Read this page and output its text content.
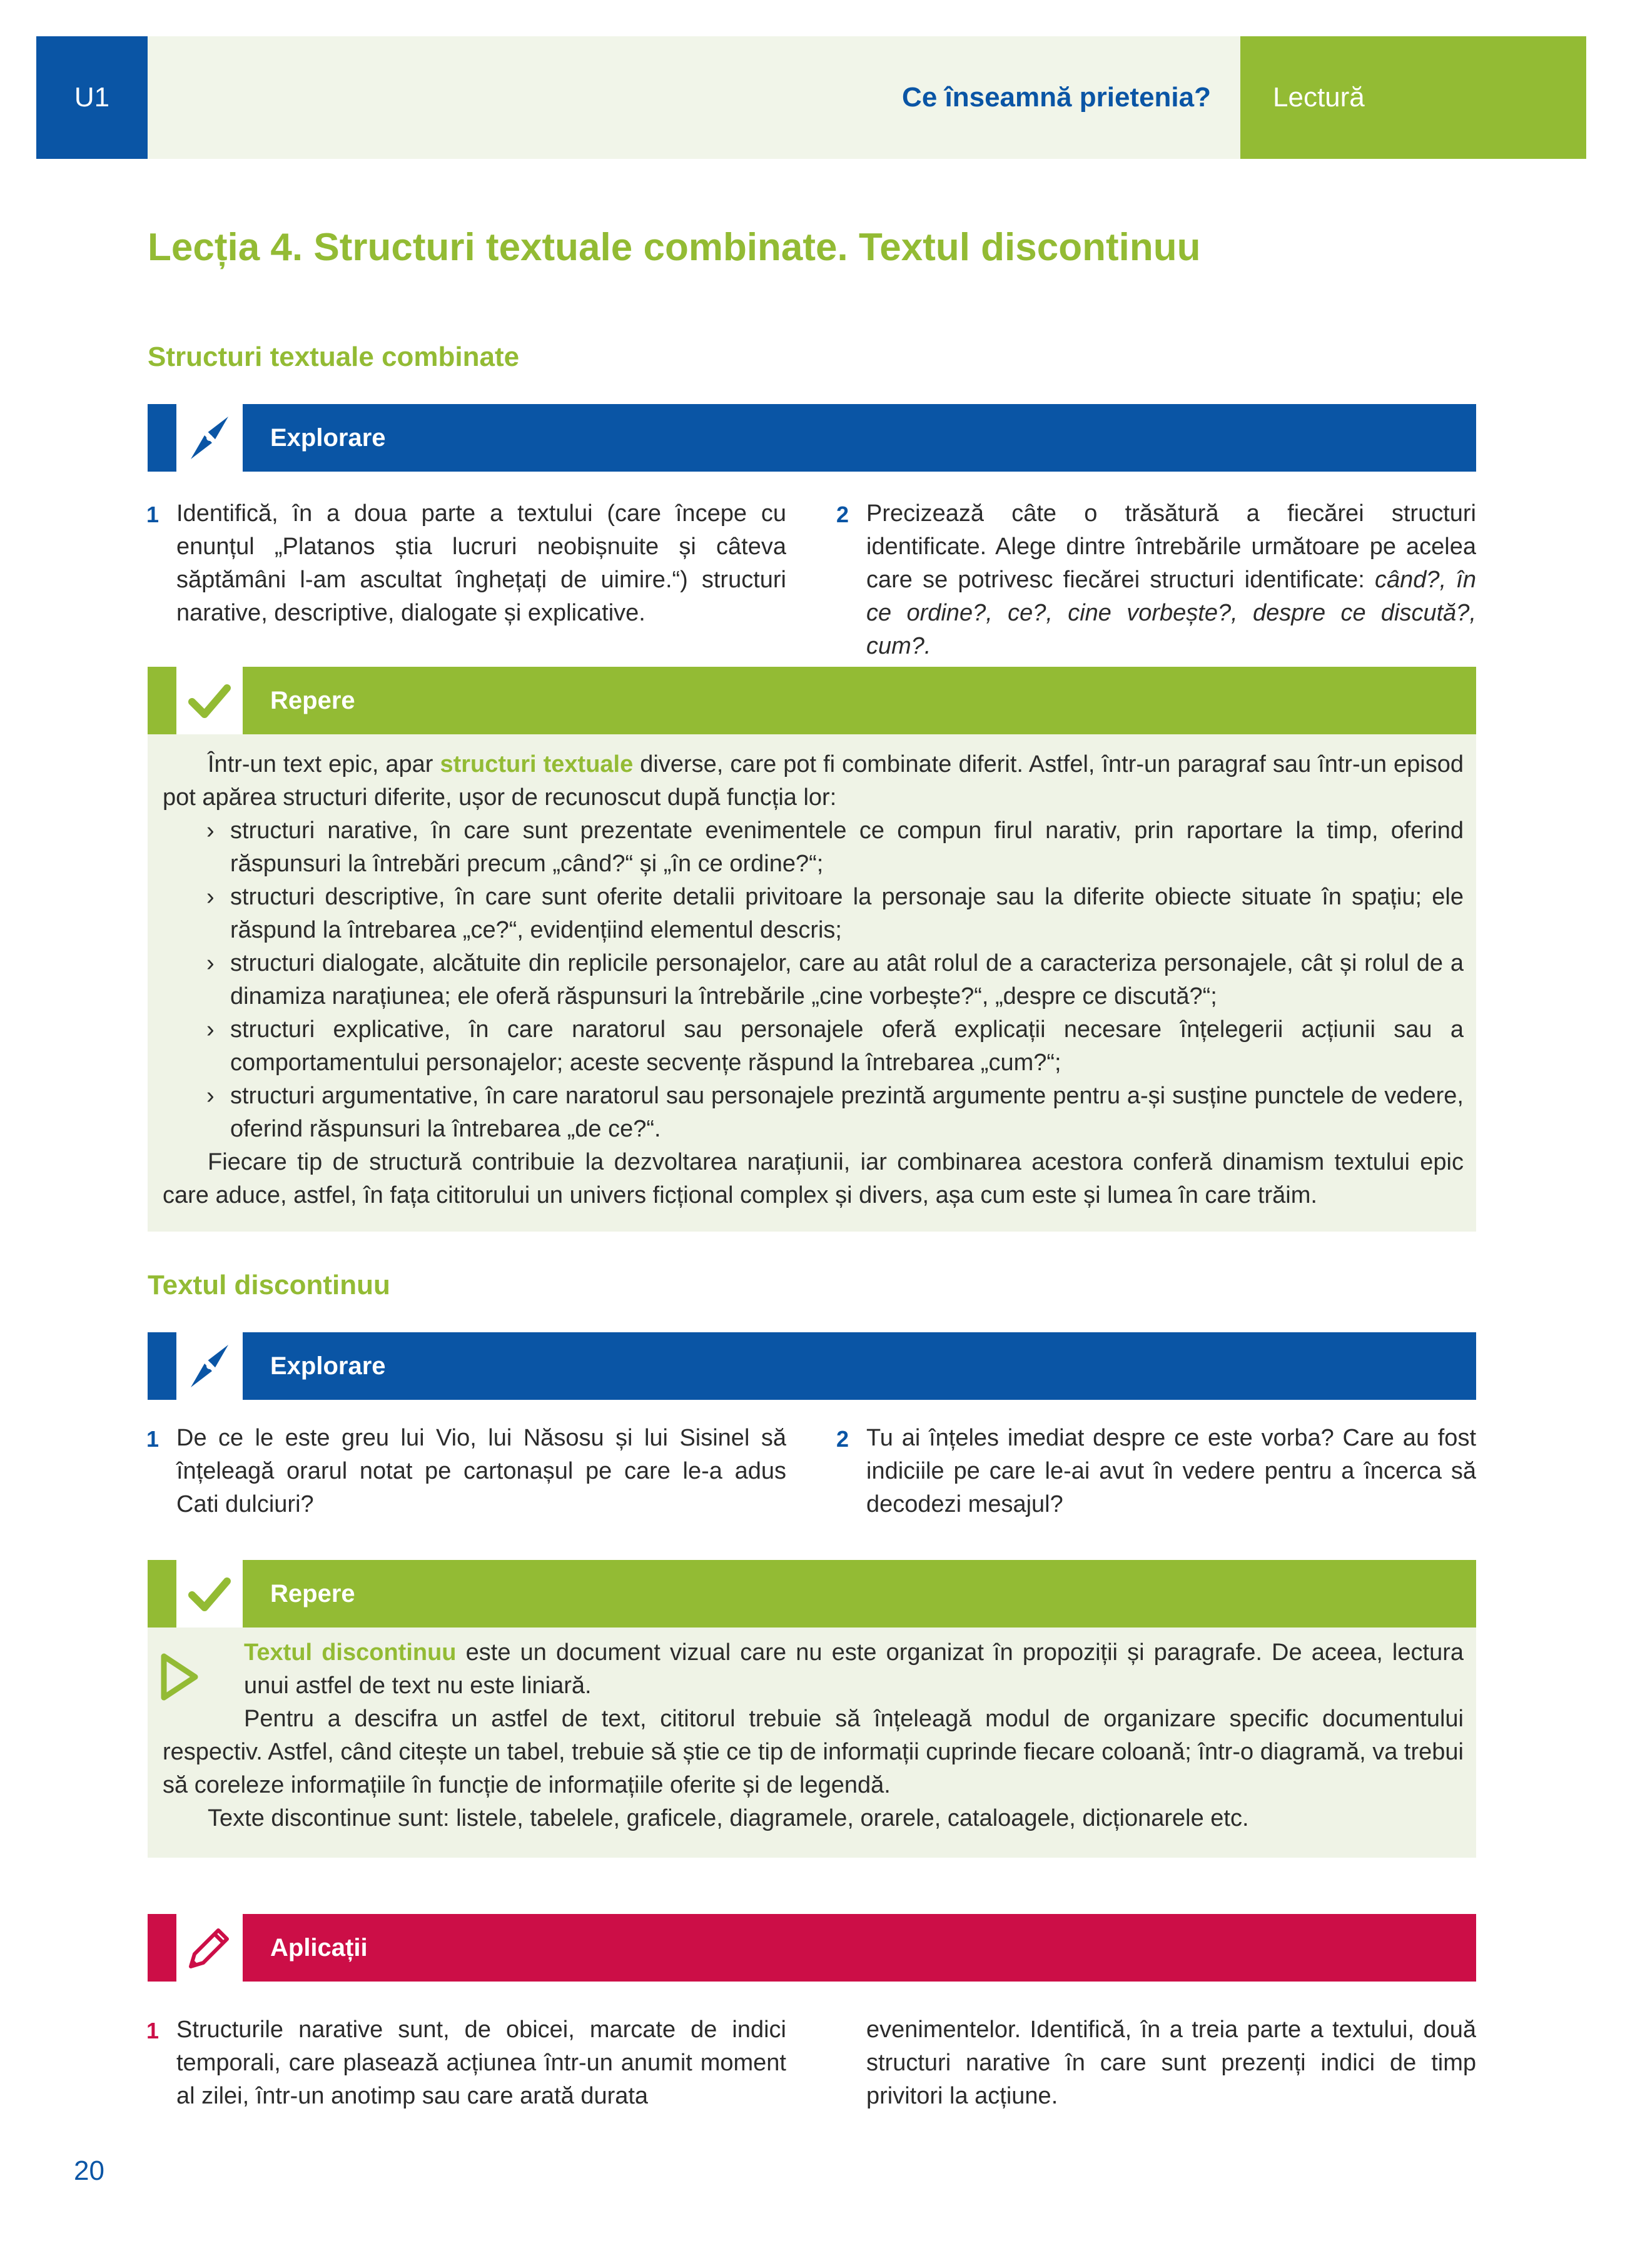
U1	Ce înseamnă prietenia? Lectură
Lecția 4. Structuri textuale combinate. Textul discontinuu
Structuri textuale combinate
Explorare
1 Identifică, în a doua parte a textului (care începe cu enunțul „Platanos știa lucruri neobișnuite și câteva săptămâni l-am ascultat înghețați de uimire.“) structuri narative, descriptive, dialogate și explicative.
2 Precizează câte o trăsătură a fiecărei structuri identificate. Alege dintre întrebările următoare pe acelea care se potrivesc fiecărei structuri identificate: când?, în ce ordine?, ce?, cine vorbește?, despre ce discută?, cum?.
Repere

Într-un text epic, apar structuri textuale diverse, care pot fi combinate diferit. Astfel, într-un paragraf sau într-un episod pot apărea structuri diferite, ușor de recunoscut după funcția lor:

› structuri narative, în care sunt prezentate evenimentele ce compun firul narativ, prin raportare la timp, oferind răspunsuri la întrebări precum „când?“ și „în ce ordine?“;
› structuri descriptive, în care sunt oferite detalii privitoare la personaje sau la diferite obiecte situate în spațiu; ele răspund la întrebarea „ce?“, evidențiind elementul descris;
› structuri dialogate, alcătuite din replicile personajelor, care au atât rolul de a caracteriza personajele, cât și rolul de a dinamiza narațiunea; ele oferă răspunsuri la întrebările „cine vorbește?“, „despre ce discută?“;
› structuri explicative, în care naratorul sau personajele oferă explicații necesare înțelegerii acțiunii sau a comportamentului personajelor; aceste secvențe răspund la întrebarea „cum?“;
› structuri argumentative, în care naratorul sau personajele prezintă argumente pentru a-și susține punctele de vedere, oferind răspunsuri la întrebarea „de ce?“.

Fiecare tip de structură contribuie la dezvoltarea narațiunii, iar combinarea acestora conferă dinamism textului epic care aduce, astfel, în fața cititorului un univers ficțional complex și divers, așa cum este și lumea în care trăim.

Textul discontinuu
Explorare
1 De ce le este greu lui Vio, lui Năsosu și lui Sisinel să înțeleagă orarul notat pe cartonașul pe care le-a adus Cati dulciuri?
2 Tu ai înțeles imediat despre ce este vorba? Care au fost indiciile pe care le-ai avut în vedere pentru a încerca să decodezi mesajul?
Repere
Textul discontinuu este un document vizual care nu este organizat în propoziții și paragrafe. De aceea, lectura unui astfel de text nu este liniară.

Pentru a descifra un astfel de text, cititorul trebuie să înțeleagă modul de organizare specific documentului respectiv. Astfel, când citește un tabel, trebuie să știe ce tip de informații cuprinde fiecare coloană; într-o diagramă, va trebui să coreleze informațiile în funcție de informațiile oferite și de legendă.

Texte discontinue sunt: listele, tabelele, graficele, diagramele, orarele, cataloagele, dicționarele etc.

Aplicații
1 Structurile narative sunt, de obicei, marcate de indici temporali, care plasează acțiunea într-un anumit moment al zilei, într-un anotimp sau care arată durata
evenimentelor. Identifică, în a treia parte a textului, două structuri narative în care sunt prezenți indici de timp privitori la acțiune.
20
